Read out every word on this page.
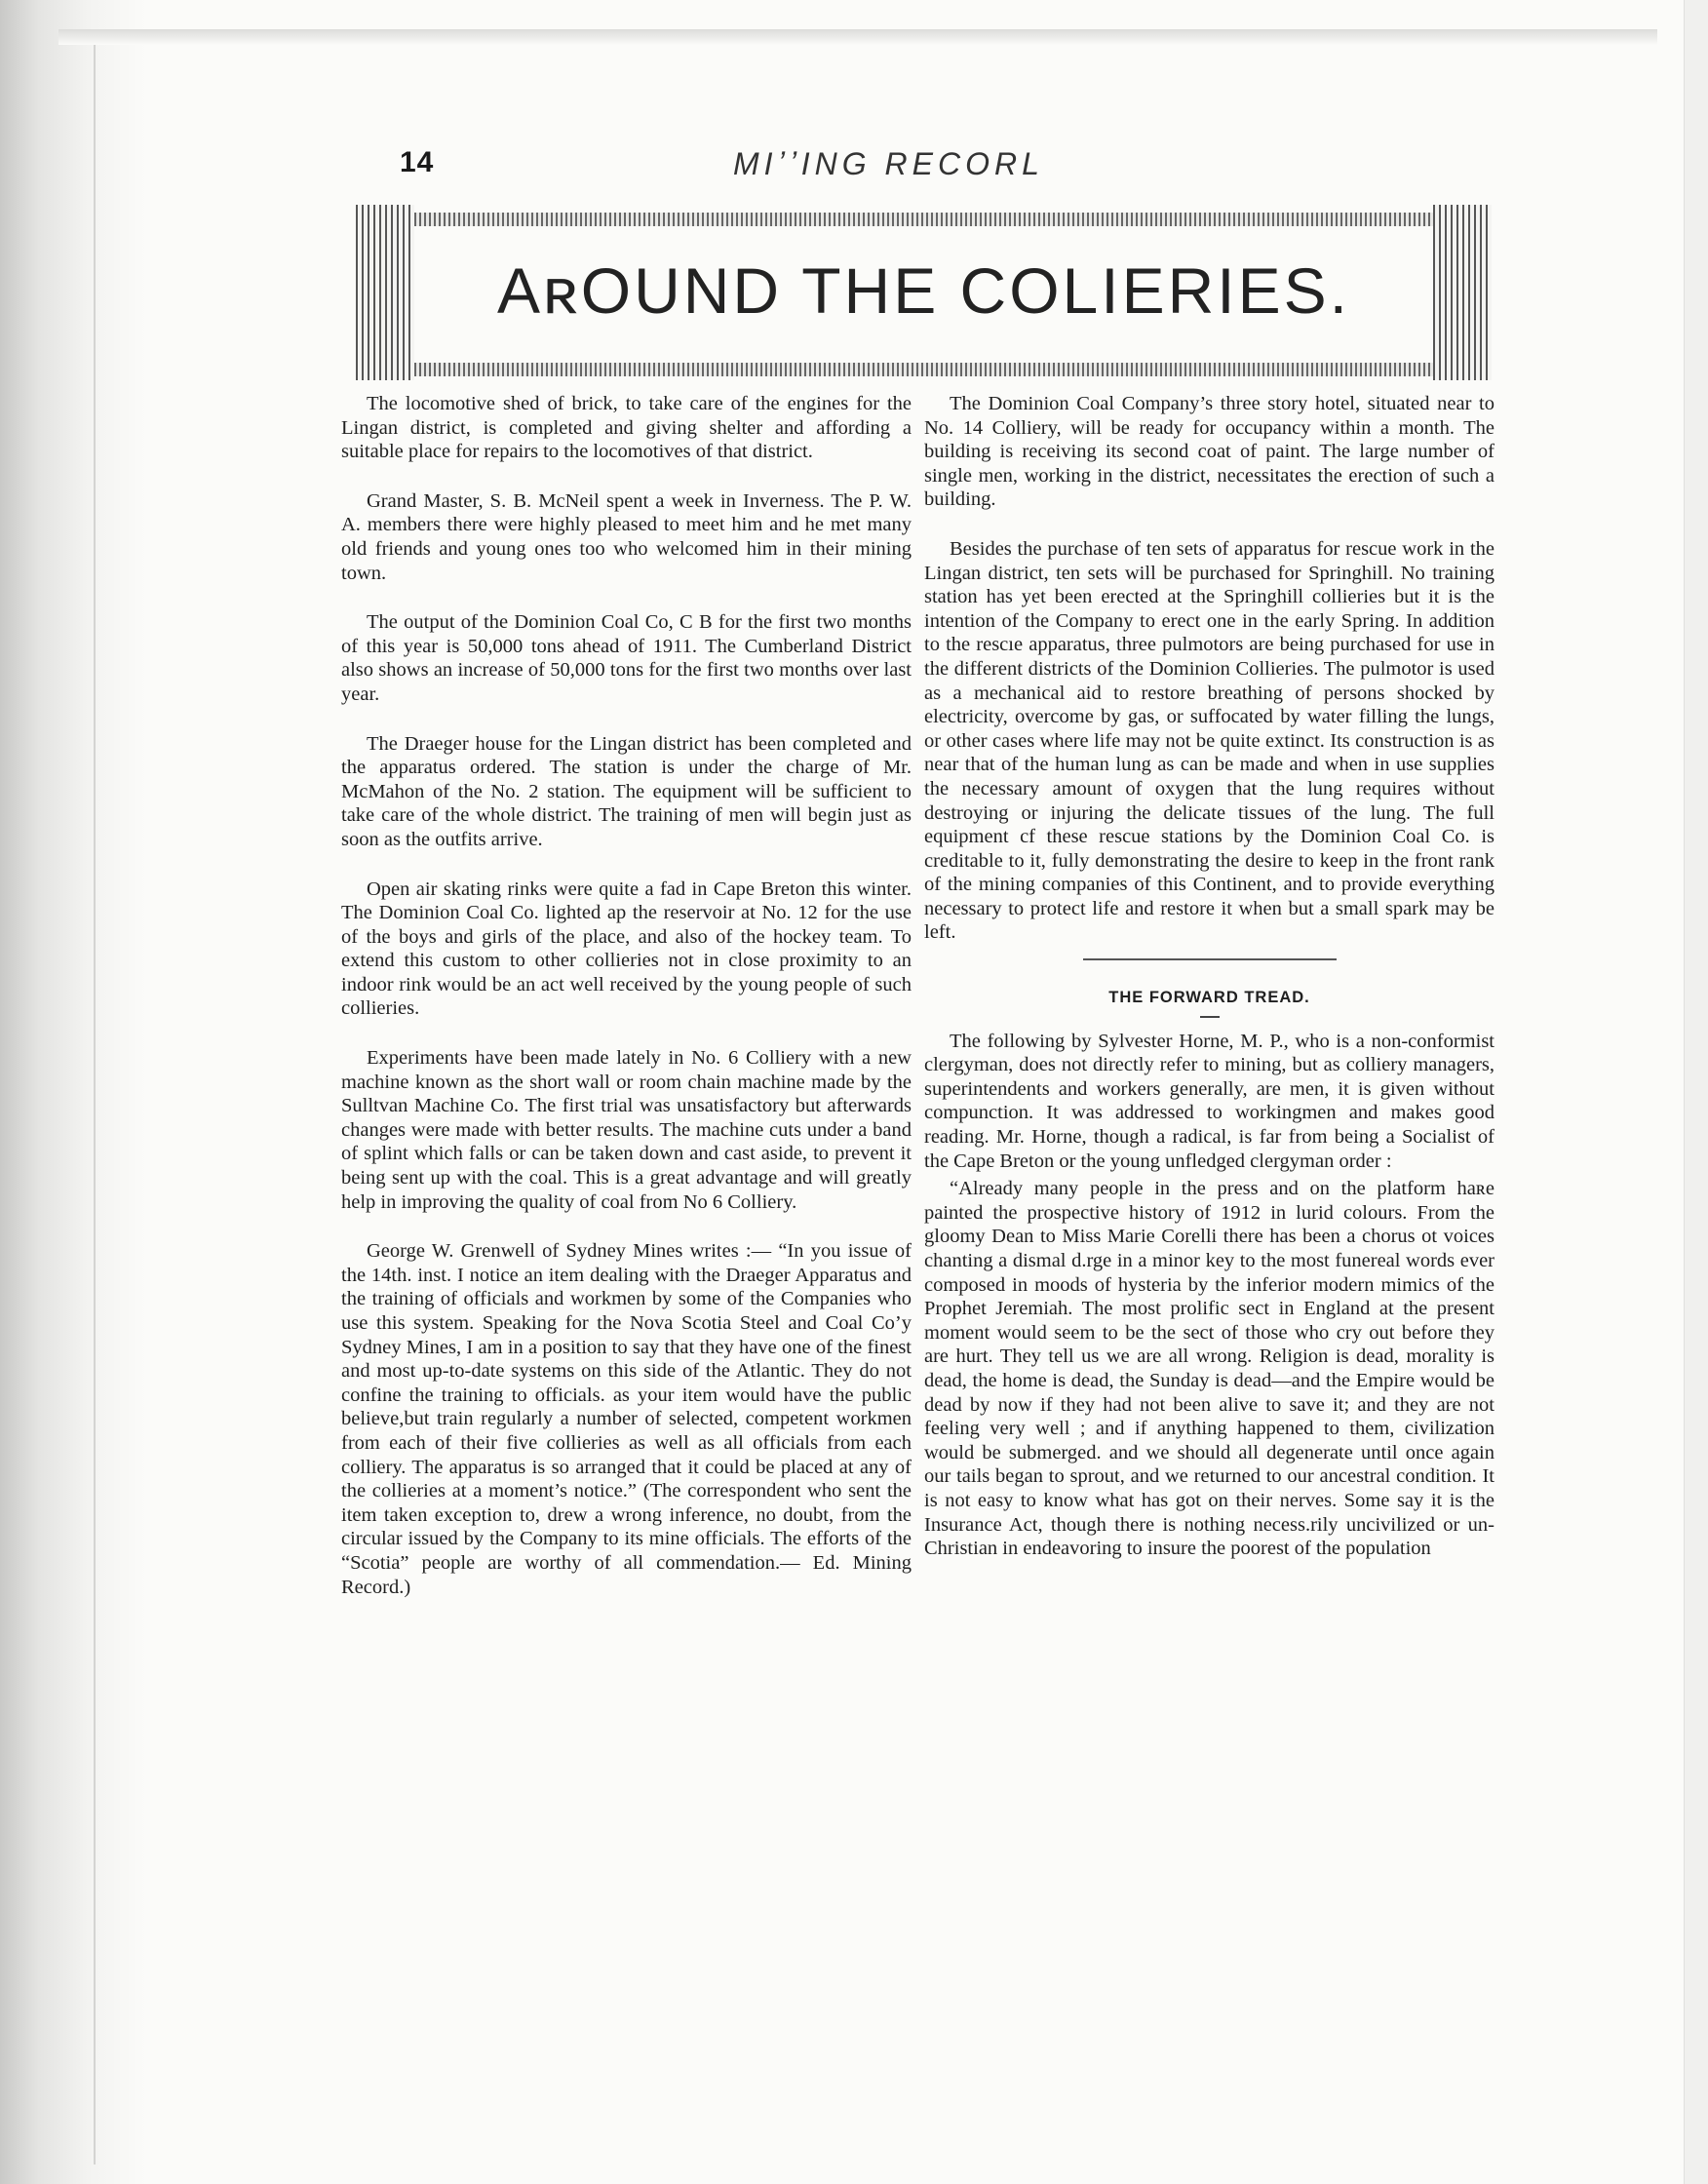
14	MIʼʼING RECORL
AʀOUND THE COLIERIES.

The locomotive shed of brick, to take care of the engines for the Lingan district, is completed and giving shelter and affording a suitable place for repairs to the locomotives of that district.

Grand Master, S. B. McNeil spent a week in Inverness. The P. W. A. members there were highly pleased to meet him and he met many old friends and young ones too who welcomed him in their mining town.

The output of the Dominion Coal Co, C B for the first two months of this year is 50,000 tons ahead of 1911. The Cumberland District also shows an increase of 50,000 tons for the first two months over last year.

The Draeger house for the Lingan district has been completed and the apparatus ordered. The station is under the charge of Mr. McMahon of the No. 2 station. The equipment will be sufficient to take care of the whole district. The training of men will begin just as soon as the outfits arrive.

Open air skating rinks were quite a fad in Cape Breton this winter. The Dominion Coal Co. lighted ap the reservoir at No. 12 for the use of the boys and girls of the place, and also of the hockey team. To extend this custom to other collieries not in close proximity to an indoor rink would be an act well received by the young people of such collieries.

Experiments have been made lately in No. 6 Colliery with a new machine known as the short wall or room chain machine made by the Sulltvan Machine Co. The first trial was unsatisfactory but afterwards changes were made with better results. The machine cuts under a band of splint which falls or can be taken down and cast aside, to prevent it being sent up with the coal. This is a great advantage and will greatly help in improving the quality of coal from No 6 Colliery.

George W. Grenwell of Sydney Mines writes :— “In you issue of the 14th. inst. I notice an item dealing with the Draeger Apparatus and the training of officials and workmen by some of the Companies who use this system. Speaking for the Nova Scotia Steel and Coal Co’y Sydney Mines, I am in a position to say that they have one of the finest and most up-to-date systems on this side of the Atlantic. They do not confine the training to officials. as your item would have the public believe,but train regularly a number of selected, competent workmen from each of their five collieries as well as all officials from each colliery. The apparatus is so arranged that it could be placed at any of the collieries at a moment’s notice.” (The correspondent who sent the item taken exception to, drew a wrong inference, no doubt, from the circular issued by the Company to its mine officials. The efforts of the “Scotia” people are worthy of all commendation.— Ed. Mining Record.)

The Dominion Coal Company’s three story hotel, situated near to No. 14 Colliery, will be ready for occupancy within a month. The building is receiving its second coat of paint. The large number of single men, working in the district, necessitates the erection of such a building.

Besides the purchase of ten sets of apparatus for rescue work in the Lingan district, ten sets will be purchased for Springhill. No training station has yet been erected at the Springhill collieries but it is the intention of the Company to erect one in the early Spring. In addition to the rescıe apparatus, three pulmotors are being purchased for use in the different districts of the Dominion Collieries. The pulmotor is used as a mechanical aid to restore breathing of persons shocked by electricity, overcome by gas, or suffocated by water filling the lungs, or other cases where life may not be quite extinct. Its construction is as near that of the human lung as can be made and when in use supplies the necessary amount of oxygen that the lung requires without destroying or injuring the delicate tissues of the lung. The full equipment cf these rescue stations by the Dominion Coal Co. is creditable to it, fully demonstrating the desire to keep in the front rank of the mining companies of this Continent, and to provide everything necessary to protect life and restore it when but a small spark may be left.

THE FORWARD TREAD.

The following by Sylvester Horne, M. P., who is a non-conformist clergyman, does not directly refer to mining, but as colliery managers, superintendents and workers generally, are men, it is given without compunction. It was addressed to workingmen and makes good reading. Mr. Horne, though a radical, is far from being a Socialist of the Cape Breton or the young unfledged clergyman order :

“Already many people in the press and on the platform haʀe painted the prospective history of 1912 in lurid colours. From the gloomy Dean to Miss Marie Corelli there has been a chorus ot voices chanting a dismal d.rge in a minor key to the most funereal words ever composed in moods of hysteria by the inferior modern mimics of the Prophet Jeremiah. The most prolific sect in England at the present moment would seem to be the sect of those who cry out before they are hurt. They tell us we are all wrong. Religion is dead, morality is dead, the home is dead, the Sunday is dead—and the Empire would be dead by now if they had not been alive to save it; and they are not feeling very well ; and if anything happened to them, civilization would be submerged. and we should all degenerate until once again our tails began to sprout, and we returned to our ancestral condition. It is not easy to know what has got on their nerves. Some say it is the Insurance Act, though there is nothing necess.rily uncivilized or un-Christian in endeavoring to insure the poorest of the population
